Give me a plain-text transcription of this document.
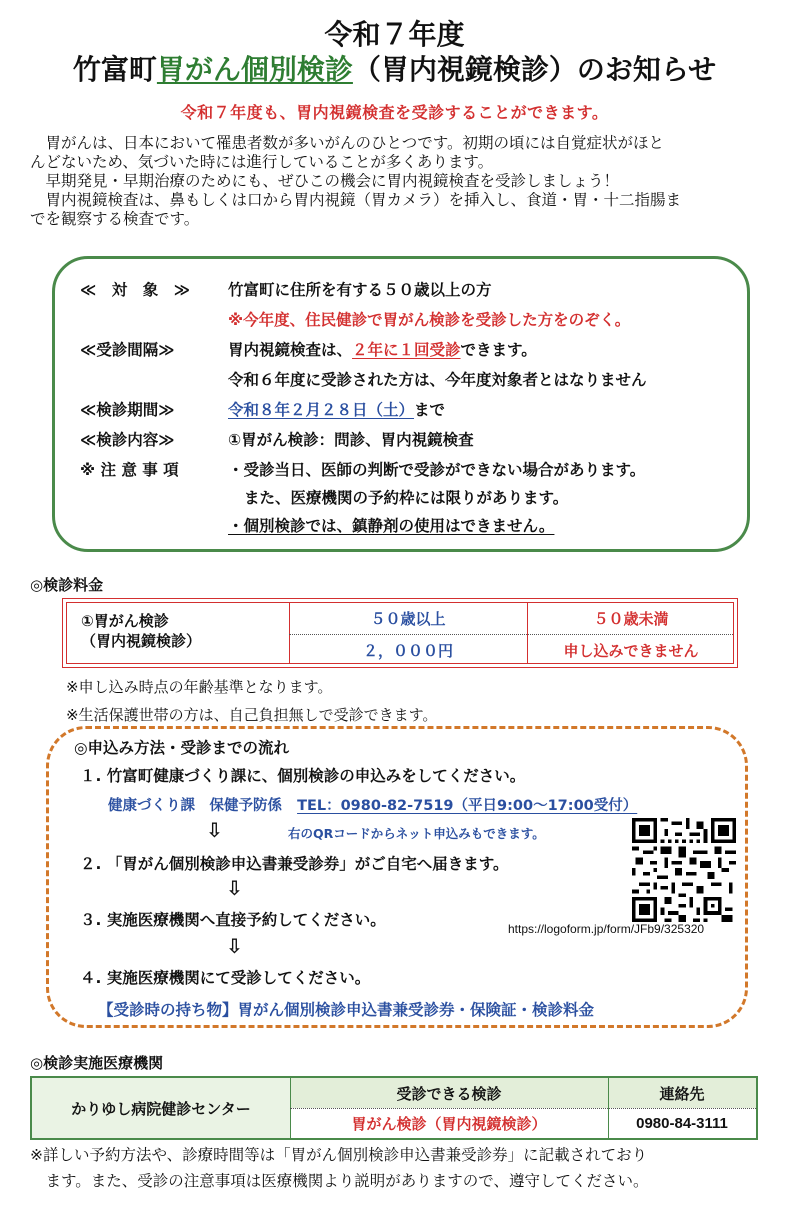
令和７年度
竹富町胃がん個別検診（胃内視鏡検診）のお知らせ
令和７年度も、胃内視鏡検査を受診することができます。

　胃がんは、日本において罹患者数が多いがんのひとつです。初期の頃には自覚症状がほと

んどないため、気づいた時には進行していることが多くあります。

　早期発見・早期治療のためにも、ぜひこの機会に胃内視鏡検査を受診しましょう！

　胃内視鏡検査は、鼻もしくは口から胃内視鏡（胃カメラ）を挿入し、食道・胃・十二指腸ま

でを観察する検査です。

≪　対　象　≫	竹富町に住所を有する５０歳以上の方
※今年度、住民健診で胃がん検診を受診した方をのぞく。
≪受診間隔≫	胃内視鏡検査は、２年に１回受診できます。
令和６年度に受診された方は、今年度対象者とはなりません
≪検診期間≫	令和８年２月２８日（土）まで
≪検診内容≫	①胃がん検診：問診、胃内視鏡検査
※ 注 意 事 項	・受診当日、医師の判断で受診ができない場合があります。
また、医療機関の予約枠には限りがあります。
・個別検診では、鎮静剤の使用はできません。
◎検診料金
①胃がん検診
（胃内視鏡検診）
５０歳以上	５０歳未満
２，０００円	申し込みできません
※申し込み時点の年齢基準となります。
※生活保護世帯の方は、自己負担無しで受診できます。
◎申込み方法・受診までの流れ
１. 竹富町健康づくり課に、個別検診の申込みをしてください。
健康づくり課　保健予防係 TEL：0980-82-7519（平日9:00～17:00受付）
⇩	右のQRコードからネット申込みもできます。
２. 「胃がん個別検診申込書兼受診券」がご自宅へ届きます。
⇩
３. 実施医療機関へ直接予約してください。
⇩
４. 実施医療機関にて受診してください。
【受診時の持ち物】胃がん個別検診申込書兼受診券・保険証・検診料金
https://logoform.jp/form/JFb9/325320
◎検診実施医療機関
かりゆし病院健診センター
受診できる検診	連絡先
胃がん検診（胃内視鏡検診）	0980-84-3111

※詳しい予約方法や、診療時間等は「胃がん個別検診申込書兼受診券」に記載されており

　ます。また、受診の注意事項は医療機関より説明がありますので、遵守してください。
